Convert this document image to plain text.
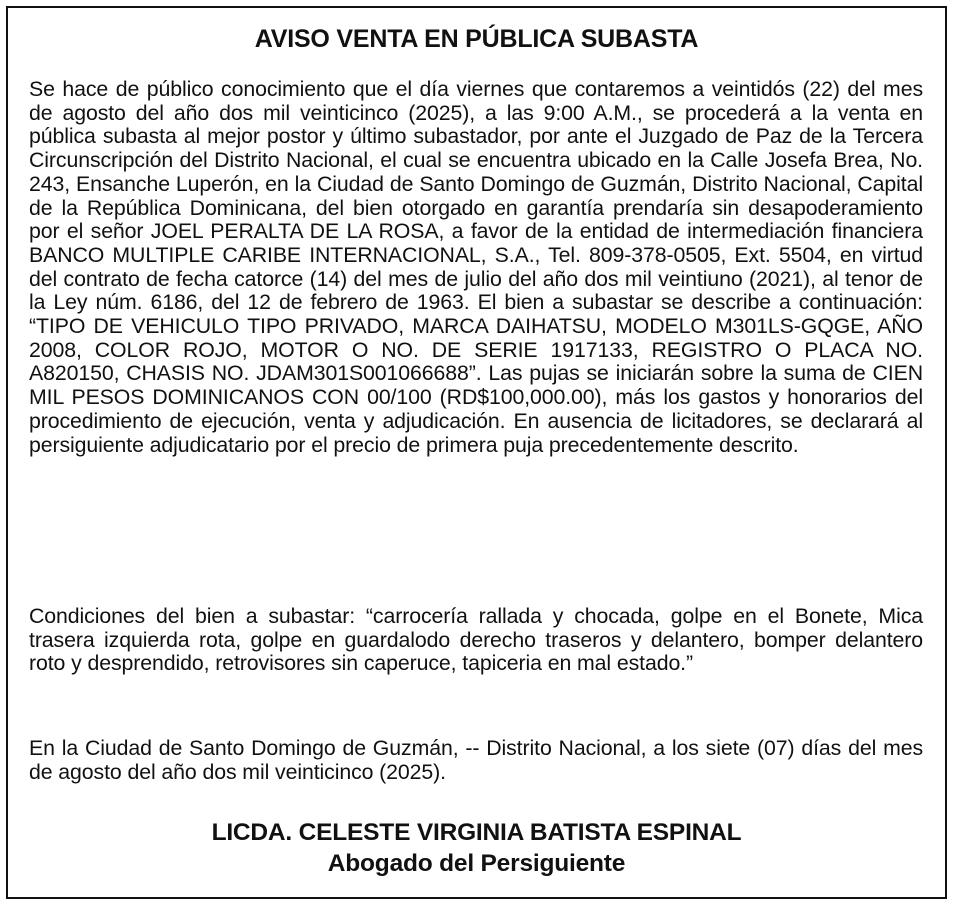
AVISO VENTA EN PÚBLICA SUBASTA

Se hace de público conocimiento que el día viernes que contaremos a veintidós (22) del mes de agosto del año dos mil veinticinco (2025), a las 9:00 A.M., se procederá a la venta en pública subasta al mejor postor y último subastador, por ante el Juzgado de Paz de la Tercera Circunscripción del Distrito Nacional, el cual se encuentra ubicado en la Calle Josefa Brea, No. 243, Ensanche Luperón, en la Ciudad de Santo Domingo de Guzmán, Distrito Nacional, Capital de la República Dominicana, del bien otorgado en garantía prendaría sin desapoderamiento por el señor JOEL PERALTA DE LA ROSA, a favor de la entidad de intermediación financiera BANCO MULTIPLE CARIBE INTERNACIONAL, S.A., Tel. 809-378-0505, Ext. 5504, en virtud del contrato de fecha catorce (14) del mes de julio del año dos mil veintiuno (2021), al tenor de la Ley núm. 6186, del 12 de febrero de 1963. El bien a subastar se describe a continuación: “TIPO DE VEHICULO TIPO PRIVADO, MARCA DAIHATSU, MODELO M301LS-GQGE, AÑO 2008, COLOR ROJO, MOTOR O NO. DE SERIE 1917133, REGISTRO O PLACA NO. A820150, CHASIS NO. JDAM301S001066688”. Las pujas se iniciarán sobre la suma de CIEN MIL PESOS DOMINICANOS CON 00/100 (RD$100,000.00), más los gastos y honorarios del procedimiento de ejecución, venta y adjudicación. En ausencia de licitadores, se declarará al persiguiente adjudicatario por el precio de primera puja precedentemente descrito.

Condiciones del bien a subastar: “carrocería rallada y chocada, golpe en el Bonete, Mica trasera izquierda rota, golpe en guardalodo derecho traseros y delantero, bomper delantero roto y desprendido, retrovisores sin caperuce, tapiceria en mal estado.”

En la Ciudad de Santo Domingo de Guzmán, -- Distrito Nacional, a los siete (07) días del mes de agosto del año dos mil veinticinco (2025).

LICDA. CELESTE VIRGINIA BATISTA ESPINAL
Abogado del Persiguiente
